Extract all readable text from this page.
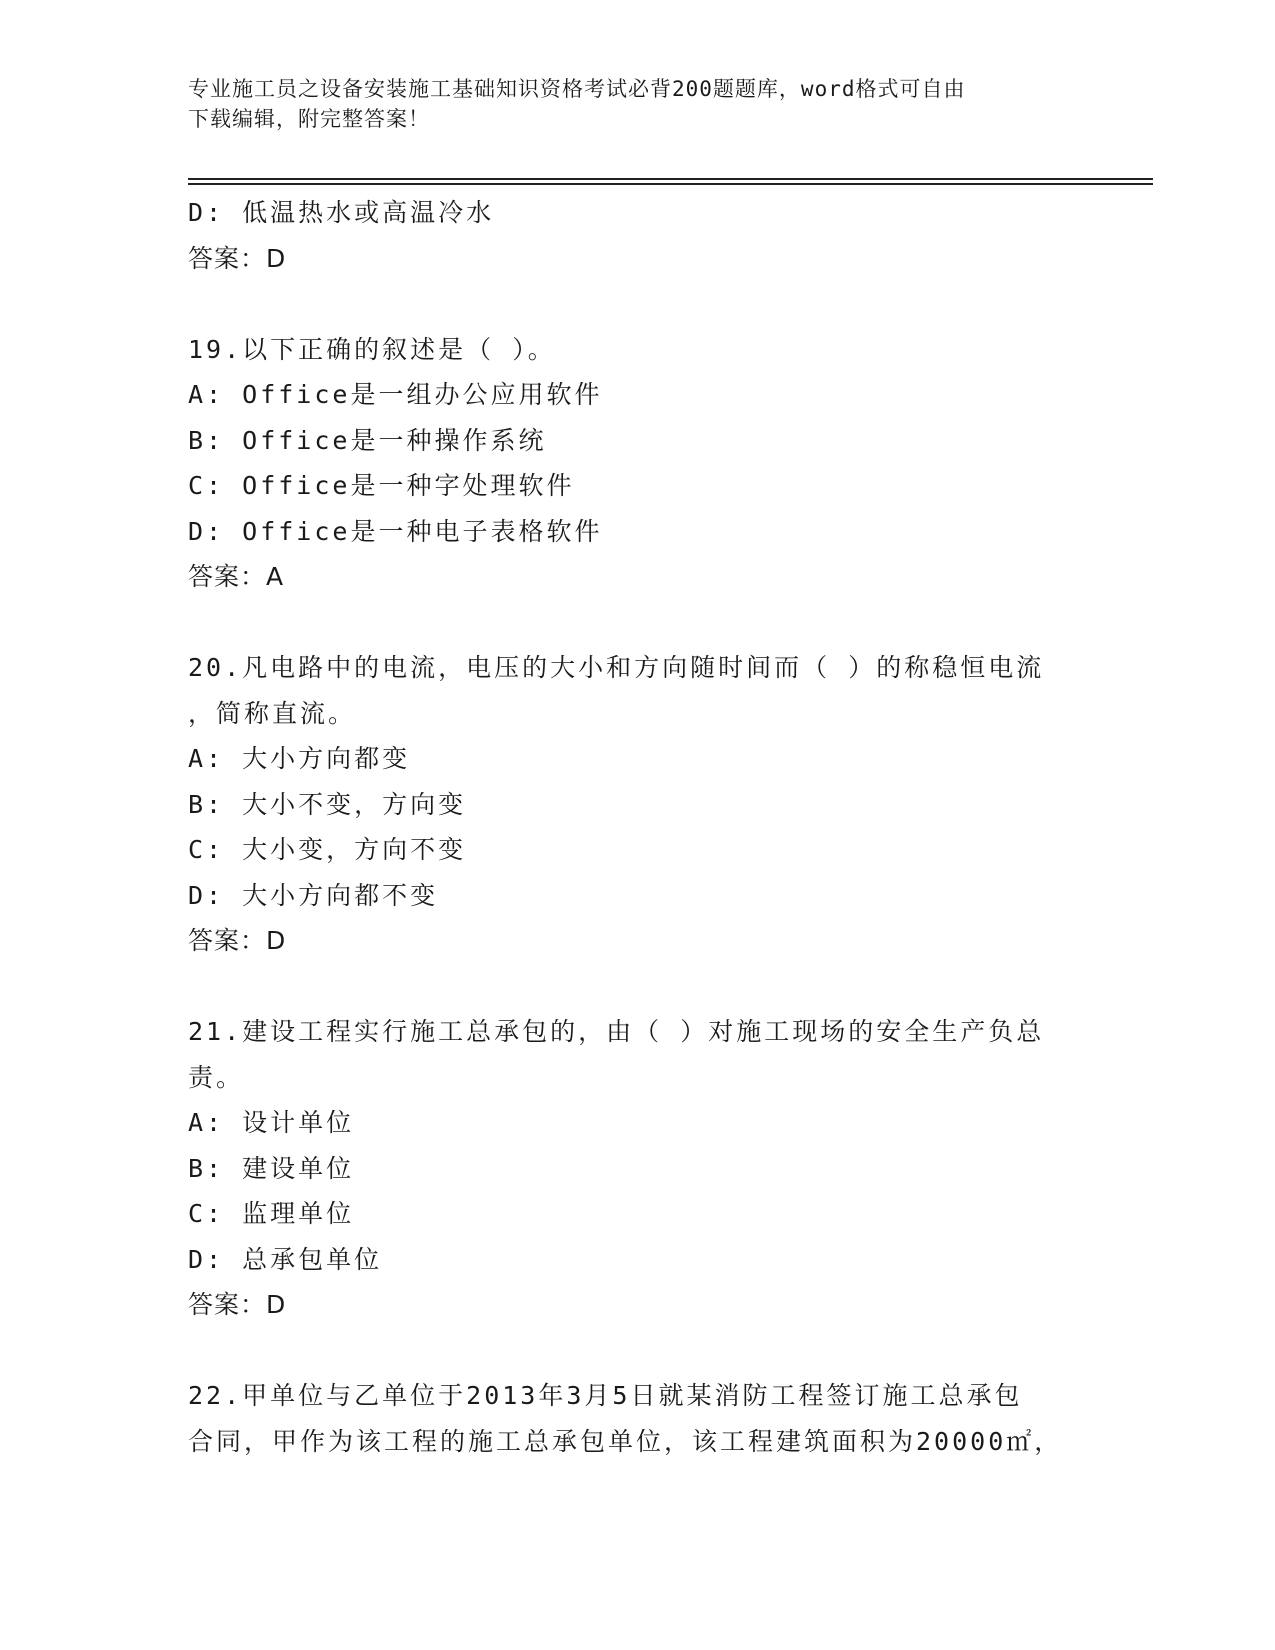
专业施工员之设备安装施工基础知识资格考试必背200题题库，word格式可自由
下载编辑，附完整答案！
D: 低温热水或高温冷水
答案：D
19.以下正确的叙述是（ ）。
A: Office是一组办公应用软件
B: Office是一种操作系统
C: Office是一种字处理软件
D: Office是一种电子表格软件
答案：A
20.凡电路中的电流，电压的大小和方向随时间而（ ）的称稳恒电流
，简称直流。
A: 大小方向都变
B: 大小不变，方向变
C: 大小变，方向不变
D: 大小方向都不变
答案：D
21.建设工程实行施工总承包的，由（ ）对施工现场的安全生产负总
责。
A: 设计单位
B: 建设单位
C: 监理单位
D: 总承包单位
答案：D
22.甲单位与乙单位于2013年3月5日就某消防工程签订施工总承包
合同，甲作为该工程的施工总承包单位，该工程建筑面积为20000㎡，
